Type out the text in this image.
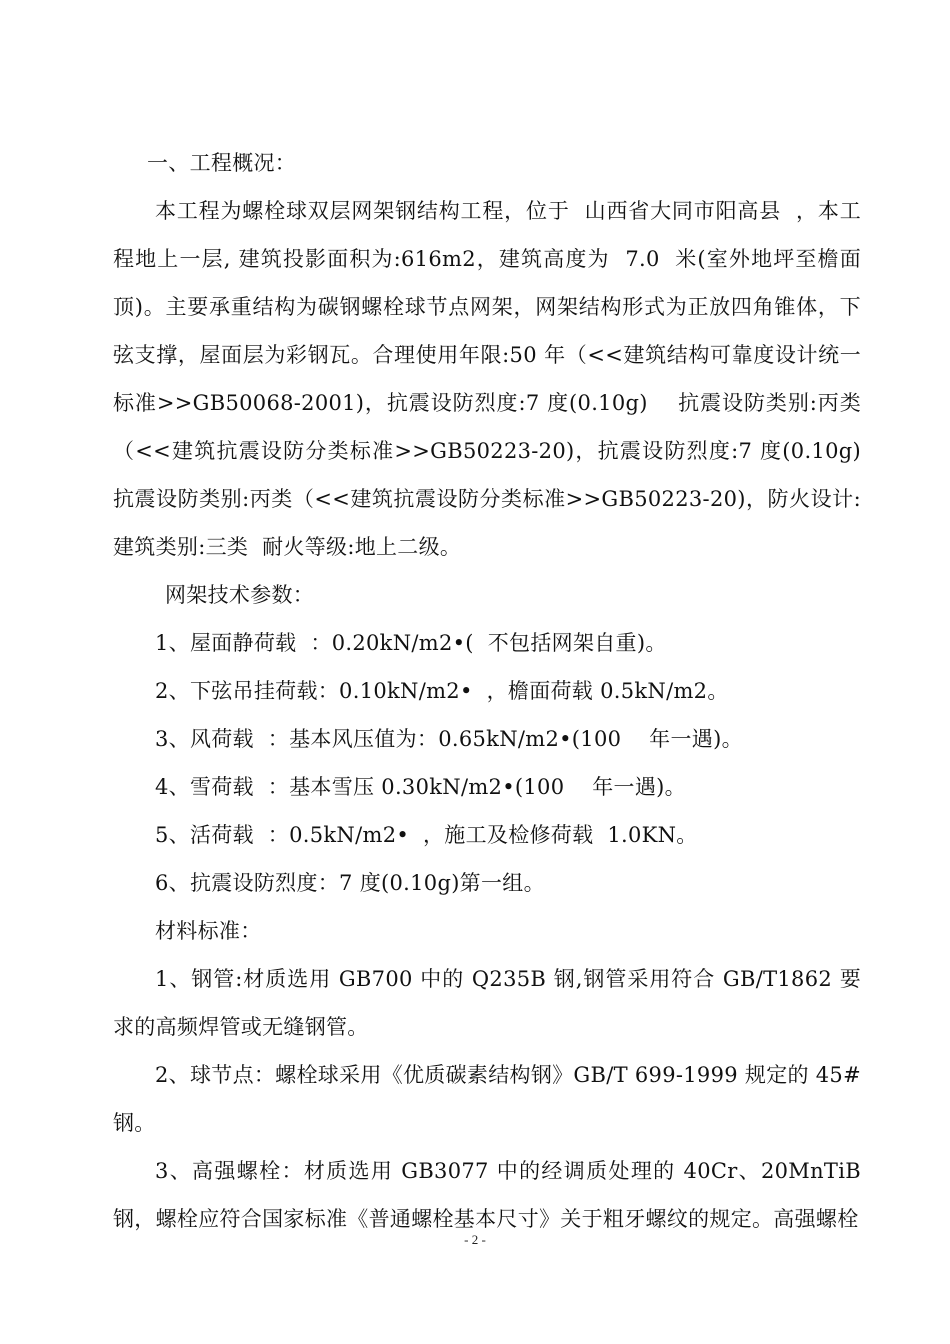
一、工程概况：

本工程为螺栓球双层网架钢结构工程，位于  山西省大同市阳高县  ，本工程地上一层, 建筑投影面积为:616m2，建筑高度为  7.0  米(室外地坪至檐面顶)。主要承重结构为碳钢螺栓球节点网架，网架结构形式为正放四角锥体，下弦支撑，屋面层为彩钢瓦。合理使用年限:50 年（<<建筑结构可靠度设计统一标准>>GB50068-2001)，抗震设防烈度:7 度(0.10g)    抗震设防类别:丙类（<<建筑抗震设防分类标准>>GB50223-20)，抗震设防烈度:7 度(0.10g)    抗震设防类别:丙类（<<建筑抗震设防分类标准>>GB50223-20)，防火设计:建筑类别:三类  耐火等级:地上二级。

网架技术参数：

1、屋面静荷载  ：0.20kN/m2•(  不包括网架自重)。

2、下弦吊挂荷载：0.10kN/m2•  ，檐面荷载 0.5kN/m2。

3、风荷载  ：基本风压值为：0.65kN/m2•(100    年一遇)。

4、雪荷载  ：基本雪压 0.30kN/m2•(100    年一遇)。

5、活荷载  ：0.5kN/m2•  ，施工及检修荷载  1.0KN。

6、抗震设防烈度：7 度(0.10g)第一组。

材料标准：

1、钢管:材质选用 GB700 中的 Q235B 钢,钢管采用符合 GB/T1862 要求的高频焊管或无缝钢管。

2、球节点：螺栓球采用《优质碳素结构钢》GB/T 699-1999 规定的 45#  钢。

3、高强螺栓：材质选用 GB3077 中的经调质处理的 40Cr、20MnTiB 钢，螺栓应符合国家标准《普通螺栓基本尺寸》关于粗牙螺纹的规定。高强螺栓

- 2 -
